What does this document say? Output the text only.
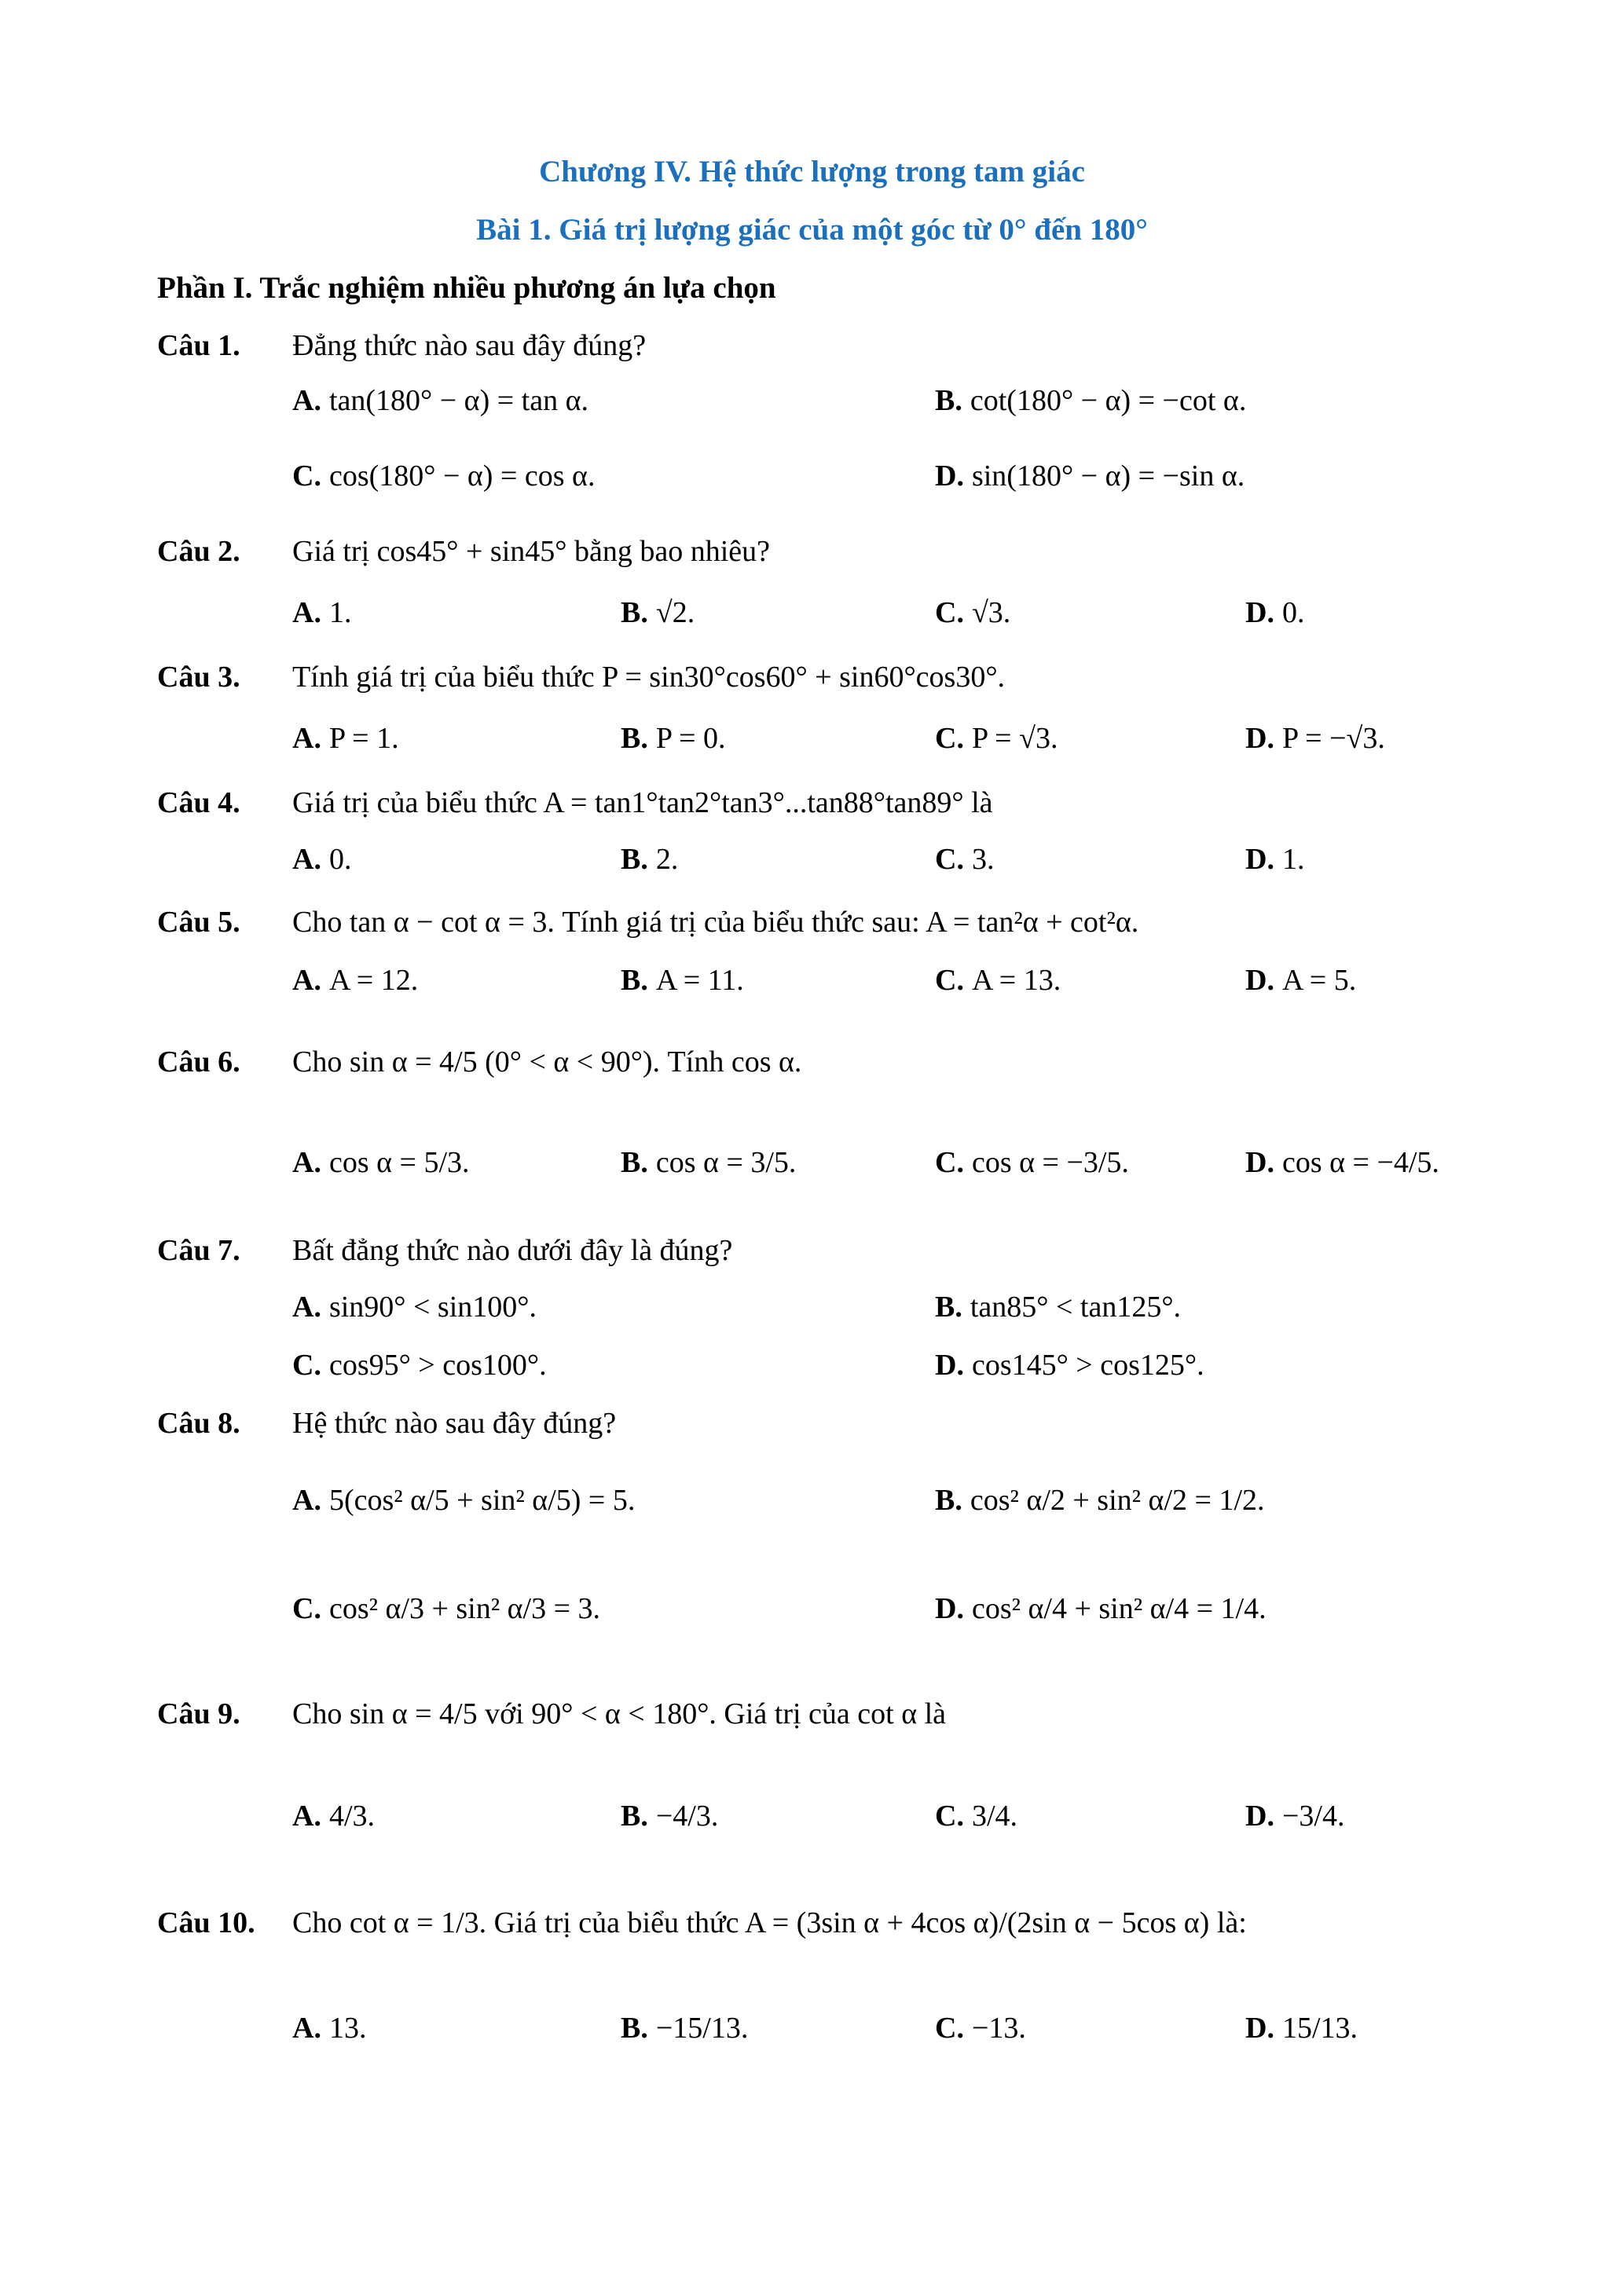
Chương IV. Hệ thức lượng trong tam giác
Bài 1. Giá trị lượng giác của một góc từ 0° đến 180°
Phần I. Trắc nghiệm nhiều phương án lựa chọn
Câu 1. Đẳng thức nào sau đây đúng?
A. tan(180° − α) = tan α.	B. cot(180° − α) = −cot α.
C. cos(180° − α) = cos α.	D. sin(180° − α) = −sin α.
Câu 2. Giá trị cos45° + sin45° bằng bao nhiêu?
A. 1.	B. √2.	C. √3.	D. 0.
Câu 3. Tính giá trị của biểu thức P = sin30°cos60° + sin60°cos30°.
A. P = 1.	B. P = 0.	C. P = √3.	D. P = −√3.
Câu 4. Giá trị của biểu thức A = tan1°tan2°tan3°...tan88°tan89° là
A. 0.	B. 2.	C. 3.	D. 1.
Câu 5. Cho tan α − cot α = 3. Tính giá trị của biểu thức sau: A = tan²α + cot²α.
A. A = 12.	B. A = 11.	C. A = 13.	D. A = 5.
Câu 6. Cho sin α = 4/5 (0° < α < 90°). Tính cos α.
A. cos α = 5/3.	B. cos α = 3/5.	C. cos α = −3/5.	D. cos α = −4/5.
Câu 7. Bất đẳng thức nào dưới đây là đúng?
A. sin90° < sin100°.	B. tan85° < tan125°.
C. cos95° > cos100°.	D. cos145° > cos125°.
Câu 8. Hệ thức nào sau đây đúng?
A. 5(cos² α/5 + sin² α/5) = 5.	B. cos² α/2 + sin² α/2 = 1/2.
C. cos² α/3 + sin² α/3 = 3.	D. cos² α/4 + sin² α/4 = 1/4.
Câu 9. Cho sin α = 4/5 với 90° < α < 180°. Giá trị của cot α là
A. 4/3.	B. −4/3.	C. 3/4.	D. −3/4.
Câu 10. Cho cot α = 1/3. Giá trị của biểu thức A = (3sin α + 4cos α)/(2sin α − 5cos α) là:
A. 13.	B. −15/13.	C. −13.	D. 15/13.
